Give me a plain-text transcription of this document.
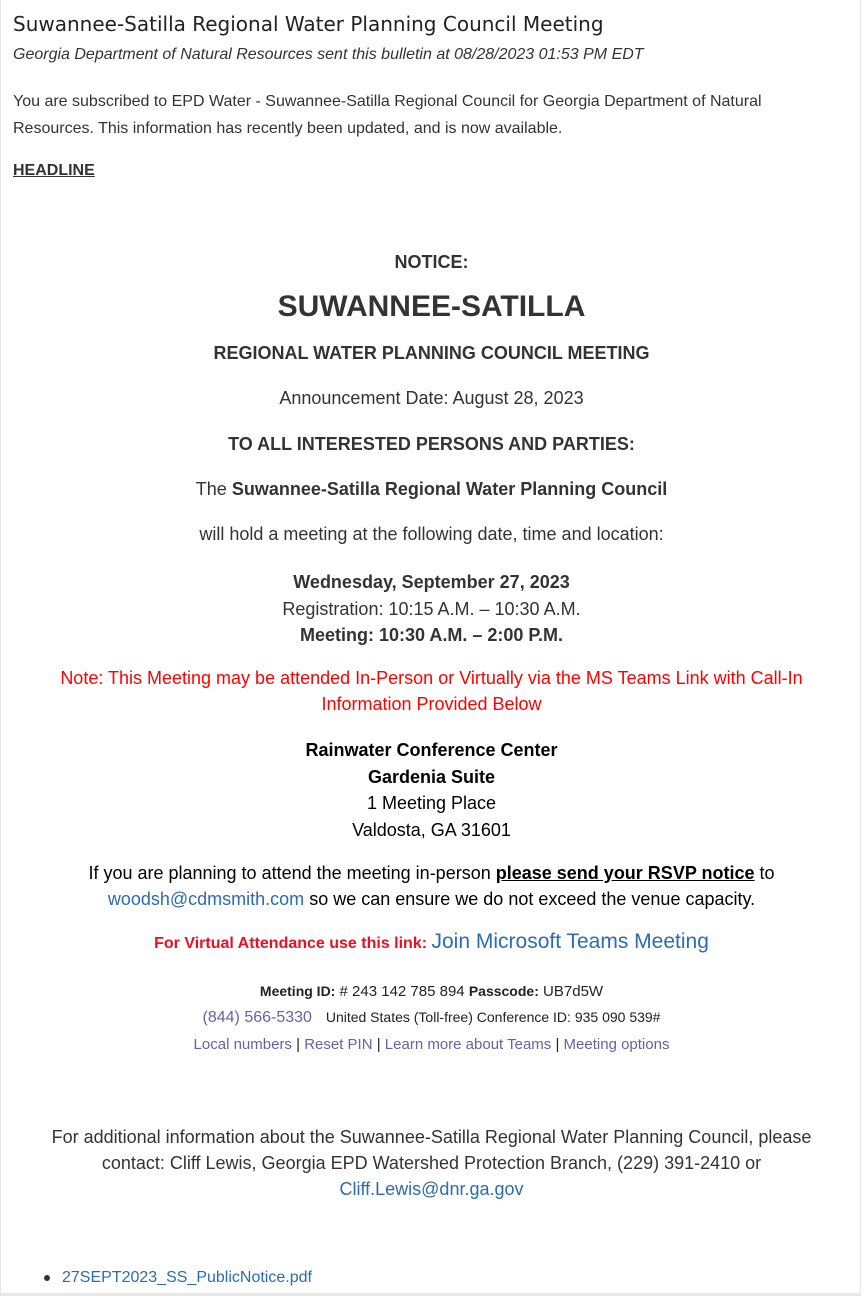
Suwannee-Satilla Regional Water Planning Council Meeting
Georgia Department of Natural Resources sent this bulletin at 08/28/2023 01:53 PM EDT
You are subscribed to EPD Water - Suwannee-Satilla Regional Council for Georgia Department of Natural Resources. This information has recently been updated, and is now available.
HEADLINE
NOTICE:
SUWANNEE-SATILLA
REGIONAL WATER PLANNING COUNCIL MEETING
Announcement Date: August 28, 2023
TO ALL INTERESTED PERSONS AND PARTIES:
The Suwannee-Satilla Regional Water Planning Council
will hold a meeting at the following date, time and location:
Wednesday, September 27, 2023
Registration: 10:15 A.M. – 10:30 A.M.
Meeting: 10:30 A.M. – 2:00 P.M.
Note: This Meeting may be attended In-Person or Virtually via the MS Teams Link with Call-In Information Provided Below
Rainwater Conference Center
Gardenia Suite
1 Meeting Place
Valdosta, GA 31601
If you are planning to attend the meeting in-person please send your RSVP notice to woodsh@cdmsmith.com so we can ensure we do not exceed the venue capacity.
For Virtual Attendance use this link: Join Microsoft Teams Meeting
Meeting ID: # 243 142 785 894 Passcode: UB7d5W
(844) 566-5330 United States (Toll-free) Conference ID: 935 090 539#
Local numbers | Reset PIN | Learn more about Teams | Meeting options
For additional information about the Suwannee-Satilla Regional Water Planning Council, please contact: Cliff Lewis, Georgia EPD Watershed Protection Branch, (229) 391-2410 or
Cliff.Lewis@dnr.ga.gov
27SEPT2023_SS_PublicNotice.pdf
